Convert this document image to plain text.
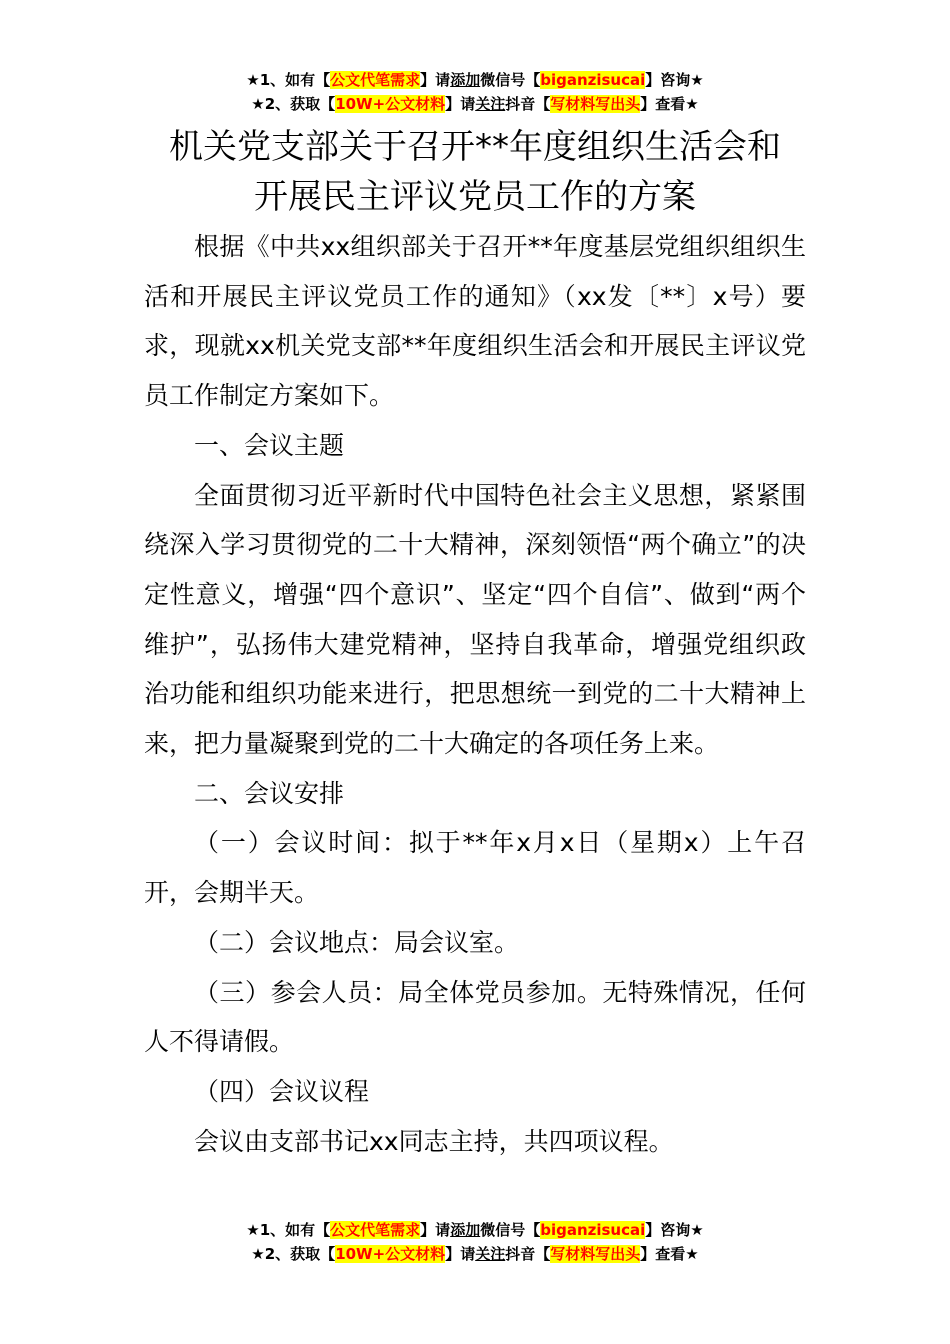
★1、如有【公文代笔需求】请添加微信号【biganzisucai】咨询★
★2、获取【10W+公文材料】请关注抖音【写材料写出头】查看★
机关党支部关于召开**年度组织生活会和
开展民主评议党员工作的方案

根据《中共xx组织部关于召开**年度基层党组织组织生活和开展民主评议党员工作的通知》（xx发〔**〕x号）要求，现就xx机关党支部**年度组织生活会和开展民主评议党员工作制定方案如下。

一、会议主题

全面贯彻习近平新时代中国特色社会主义思想，紧紧围绕深入学习贯彻党的二十大精神，深刻领悟“两个确立”的决定性意义，增强“四个意识”、坚定“四个自信”、做到“两个维护”，弘扬伟大建党精神，坚持自我革命，增强党组织政治功能和组织功能来进行，把思想统一到党的二十大精神上来，把力量凝聚到党的二十大确定的各项任务上来。

二、会议安排

（一）会议时间：拟于**年x月x日（星期x）上午召开，会期半天。

（二）会议地点：局会议室。

（三）参会人员：局全体党员参加。无特殊情况，任何人不得请假。

（四）会议议程

会议由支部书记xx同志主持，共四项议程。

★1、如有【公文代笔需求】请添加微信号【biganzisucai】咨询★
★2、获取【10W+公文材料】请关注抖音【写材料写出头】查看★
